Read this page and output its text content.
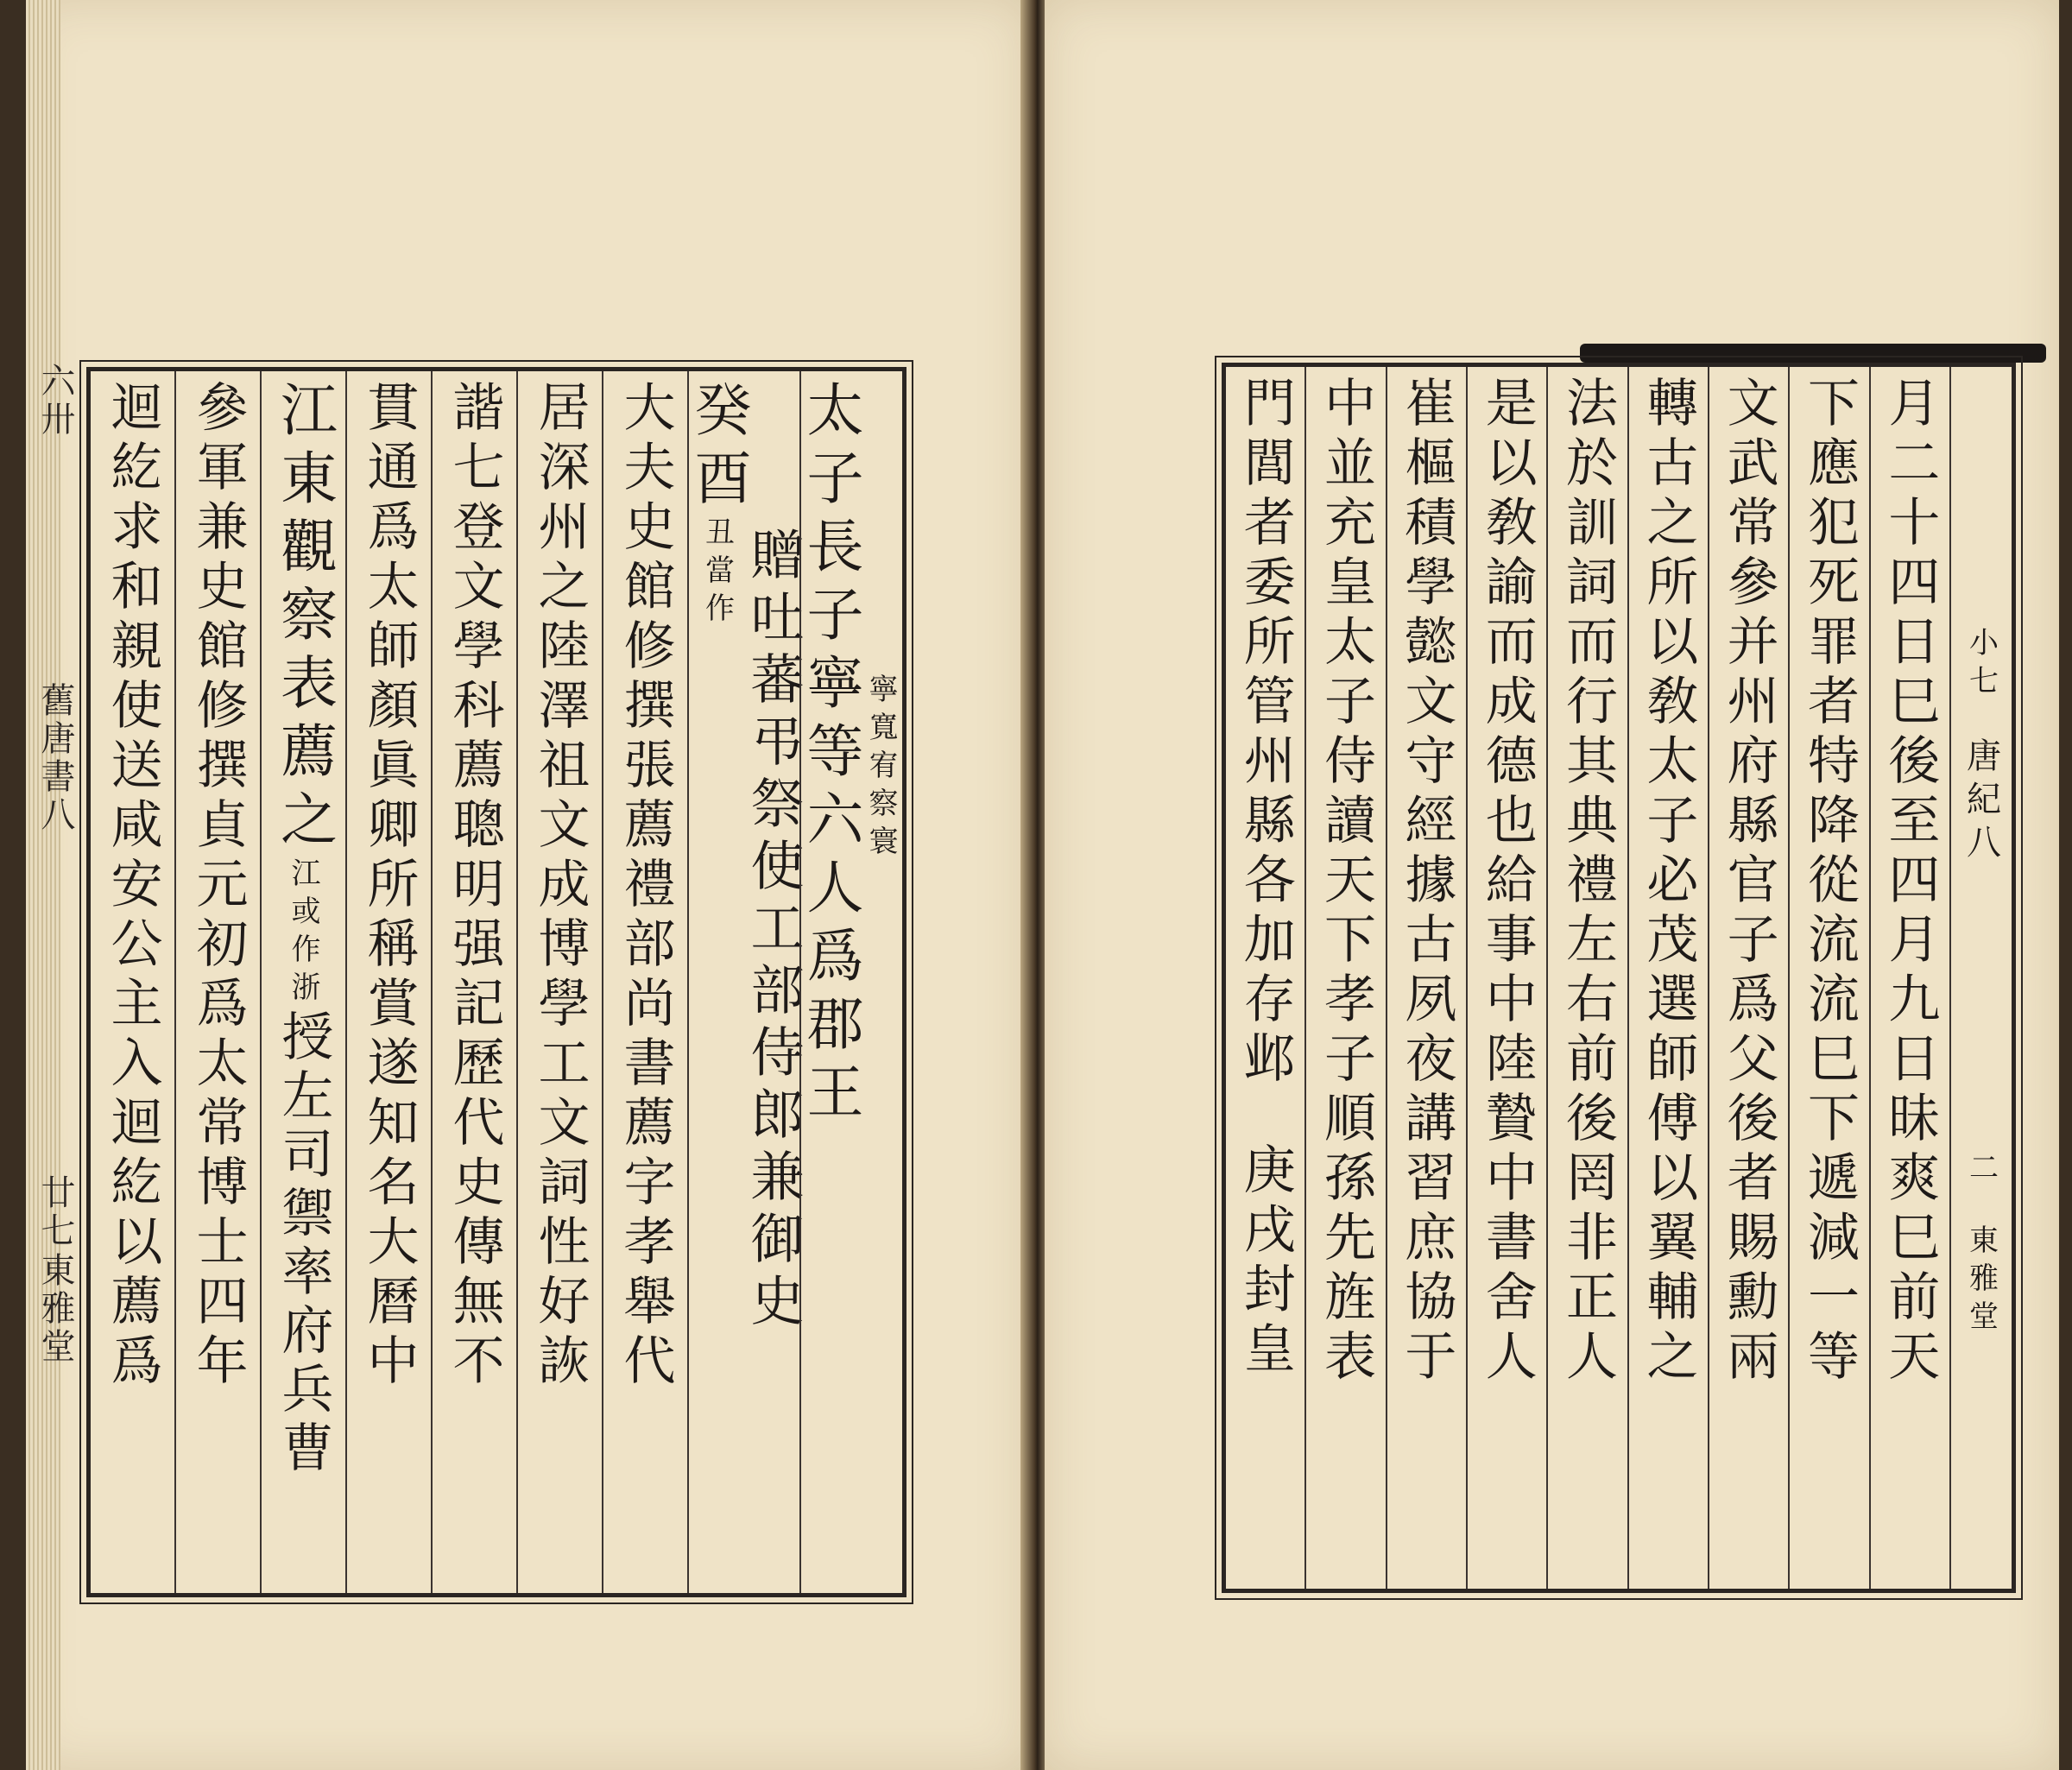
六卅
舊唐書八
廿七
東雅堂
太子長子寧等六人爲郡王 寧寬宥察寰
癸酉
丑當作 贈吐蕃弔祭使工部侍郎兼御史
大夫史館修撰張薦禮部尚書薦字孝舉代
居深州之陸澤祖文成博學工文詞性好詼
諧七登文學科薦聰明强記歷代史傳無不
貫通爲太師顏眞卿所稱賞遂知名大曆中
江東觀察表薦之
江或作浙
授左司禦率府兵曹
參軍兼史館修撰貞元初爲太常博士四年
迴紇求和親使送咸安公主入迴紇以薦爲	小七
唐紀八
二
東雅堂
月二十四日巳後至四月九日昧爽巳前天
下應犯死罪者特降從流流巳下遞減一等
文武常參并州府縣官子爲父後者賜勳兩
轉古之所以敎太子必茂選師傅以翼輔之
法於訓詞而行其典禮左右前後罔非正人
是以敎諭而成德也給事中陸贄中書舍人
崔樞積學懿文守經據古夙夜講習庶協于
中並充皇太子侍讀天下孝子順孫先旌表
門閭者委所管州縣各加存邺
庚戌封皇
